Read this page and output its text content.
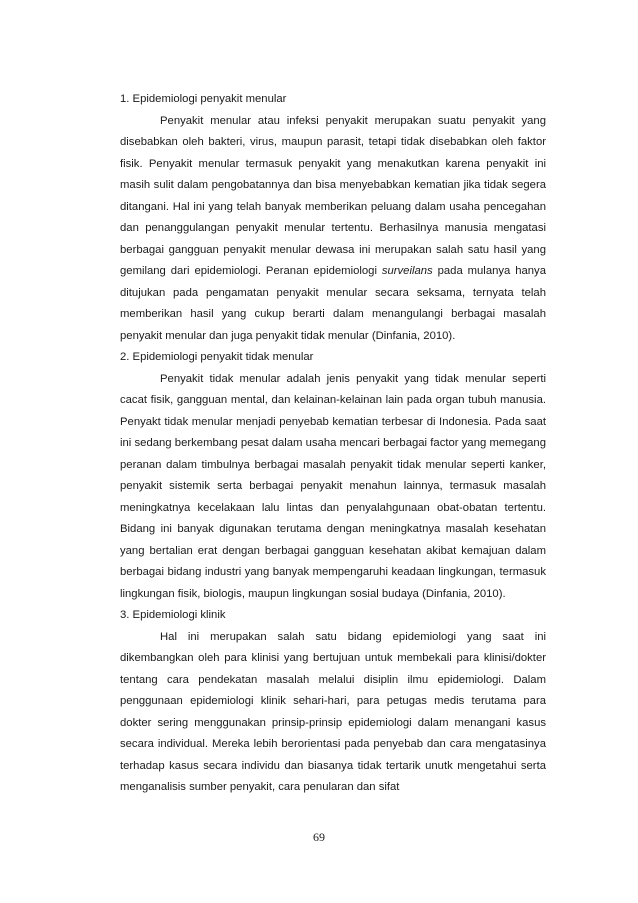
1. Epidemiologi penyakit menular

Penyakit menular atau infeksi penyakit merupakan suatu penyakit yang disebabkan oleh bakteri, virus, maupun parasit, tetapi tidak disebabkan oleh faktor fisik. Penyakit menular termasuk penyakit yang menakutkan karena penyakit ini masih sulit dalam pengobatannya dan bisa menyebabkan kematian jika tidak segera ditangani. Hal ini yang telah banyak memberikan peluang dalam usaha pencegahan dan penanggulangan penyakit menular tertentu. Berhasilnya manusia mengatasi berbagai gangguan penyakit menular dewasa ini merupakan salah satu hasil yang gemilang dari epidemiologi. Peranan epidemiologi surveilans pada mulanya hanya ditujukan pada pengamatan penyakit menular secara seksama, ternyata telah memberikan hasil yang cukup berarti dalam menangulangi berbagai masalah penyakit menular dan juga penyakit tidak menular (Dinfania, 2010).

2. Epidemiologi penyakit tidak menular

Penyakit tidak menular adalah jenis penyakit yang tidak menular seperti cacat fisik, gangguan mental, dan kelainan-kelainan lain pada organ tubuh manusia. Penyakt tidak menular menjadi penyebab kematian terbesar di Indonesia. Pada saat ini sedang berkembang pesat dalam usaha mencari berbagai factor yang memegang peranan dalam timbulnya berbagai masalah penyakit tidak menular seperti kanker, penyakit sistemik serta berbagai penyakit menahun lainnya, termasuk masalah meningkatnya kecelakaan lalu lintas dan penyalahgunaan obat-obatan tertentu. Bidang ini banyak digunakan terutama dengan meningkatnya masalah kesehatan yang bertalian erat dengan berbagai gangguan kesehatan akibat kemajuan dalam berbagai bidang industri yang banyak mempengaruhi keadaan lingkungan, termasuk lingkungan fisik, biologis, maupun lingkungan sosial budaya (Dinfania, 2010).

3. Epidemiologi klinik

Hal ini merupakan salah satu bidang epidemiologi yang saat ini dikembangkan oleh para klinisi yang bertujuan untuk membekali para klinisi/dokter tentang cara pendekatan masalah melalui disiplin ilmu epidemiologi. Dalam penggunaan epidemiologi klinik sehari-hari, para petugas medis terutama para dokter sering menggunakan prinsip-prinsip epidemiologi dalam menangani kasus secara individual. Mereka lebih berorientasi pada penyebab dan cara mengatasinya terhadap kasus secara individu dan biasanya tidak tertarik unutk mengetahui serta menganalisis sumber penyakit, cara penularan dan sifat

69
